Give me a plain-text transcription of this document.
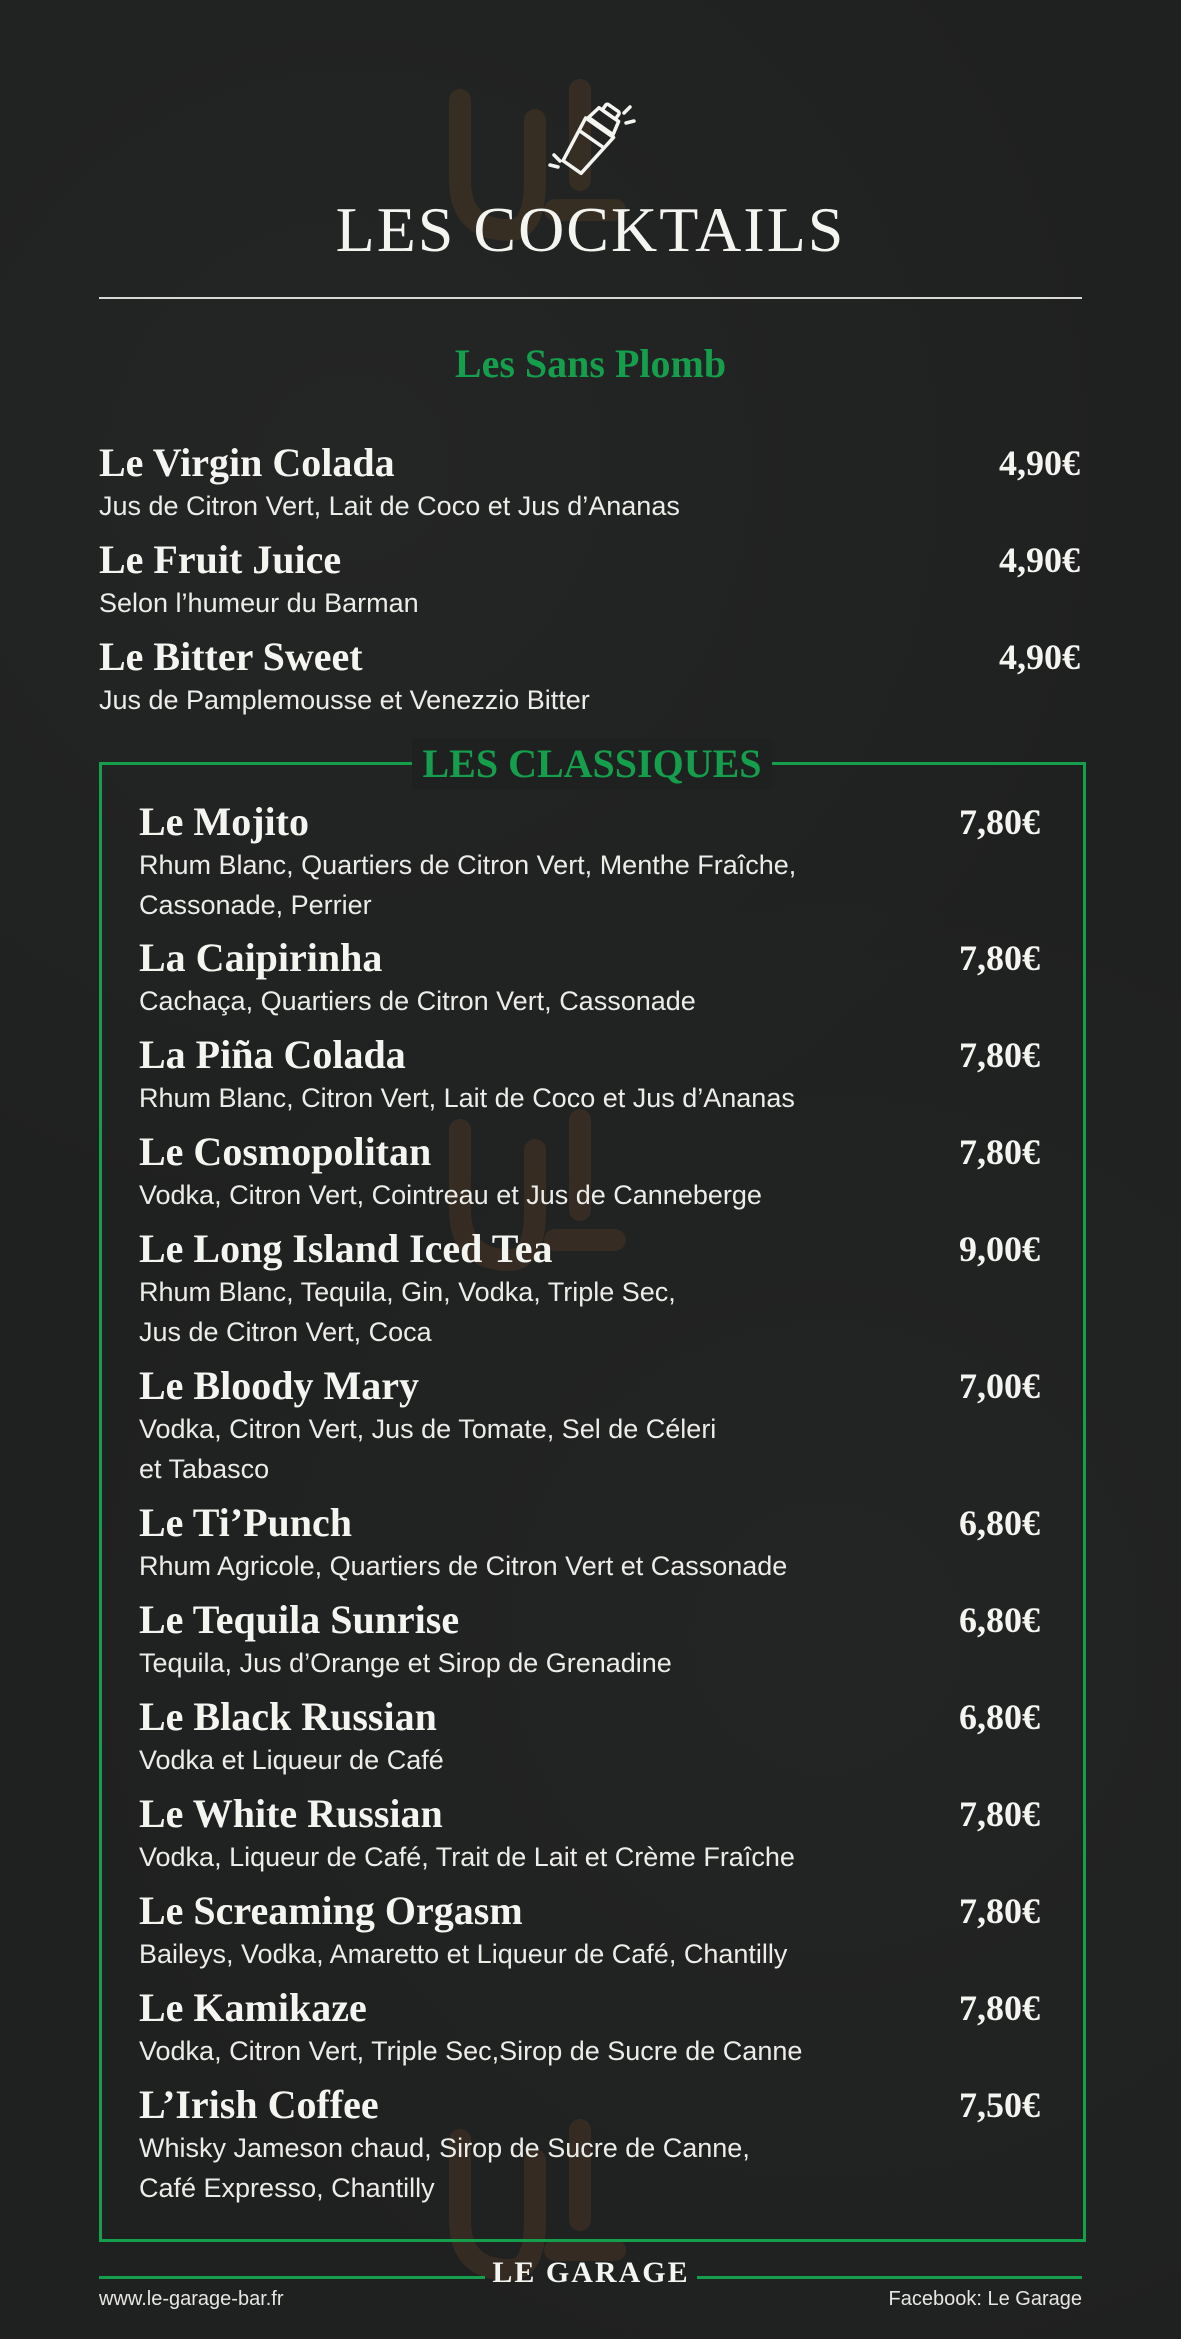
LES COCKTAILS
Les Sans Plomb
Le Virgin Colada
Jus de Citron Vert, Lait de Coco et Jus d’Ananas
4,90€
Le Fruit Juice
Selon l’humeur du Barman
4,90€
Le Bitter Sweet
Jus de Pamplemousse et Venezzio Bitter
4,90€
LES CLASSIQUES
Le Mojito
Rhum Blanc, Quartiers de Citron Vert, Menthe Fraîche,
Cassonade, Perrier
7,80€
La Caipirinha
Cachaça, Quartiers de Citron Vert, Cassonade
7,80€
La Piña Colada
Rhum Blanc, Citron Vert, Lait de Coco et Jus d’Ananas
7,80€
Le Cosmopolitan
Vodka, Citron Vert, Cointreau et Jus de Canneberge
7,80€
Le Long Island Iced Tea
Rhum Blanc, Tequila, Gin, Vodka, Triple Sec,
Jus de Citron Vert, Coca
9,00€
Le Bloody Mary
Vodka, Citron Vert, Jus de Tomate, Sel de Céleri
et Tabasco
7,00€
Le Ti’Punch
Rhum Agricole, Quartiers de Citron Vert et Cassonade
6,80€
Le Tequila Sunrise
Tequila, Jus d’Orange et Sirop de Grenadine
6,80€
Le Black Russian
Vodka et Liqueur de Café
6,80€
Le White Russian
Vodka, Liqueur de Café, Trait de Lait et Crème Fraîche
7,80€
Le Screaming Orgasm
Baileys, Vodka, Amaretto et Liqueur de Café, Chantilly
7,80€
Le Kamikaze
Vodka, Citron Vert, Triple Sec,Sirop de Sucre de Canne
7,80€
L’Irish Coffee
Whisky Jameson chaud, Sirop de Sucre de Canne,
Café Expresso, Chantilly
7,50€
LE GARAGE
www.le-garage-bar.fr	Facebook: Le Garage
